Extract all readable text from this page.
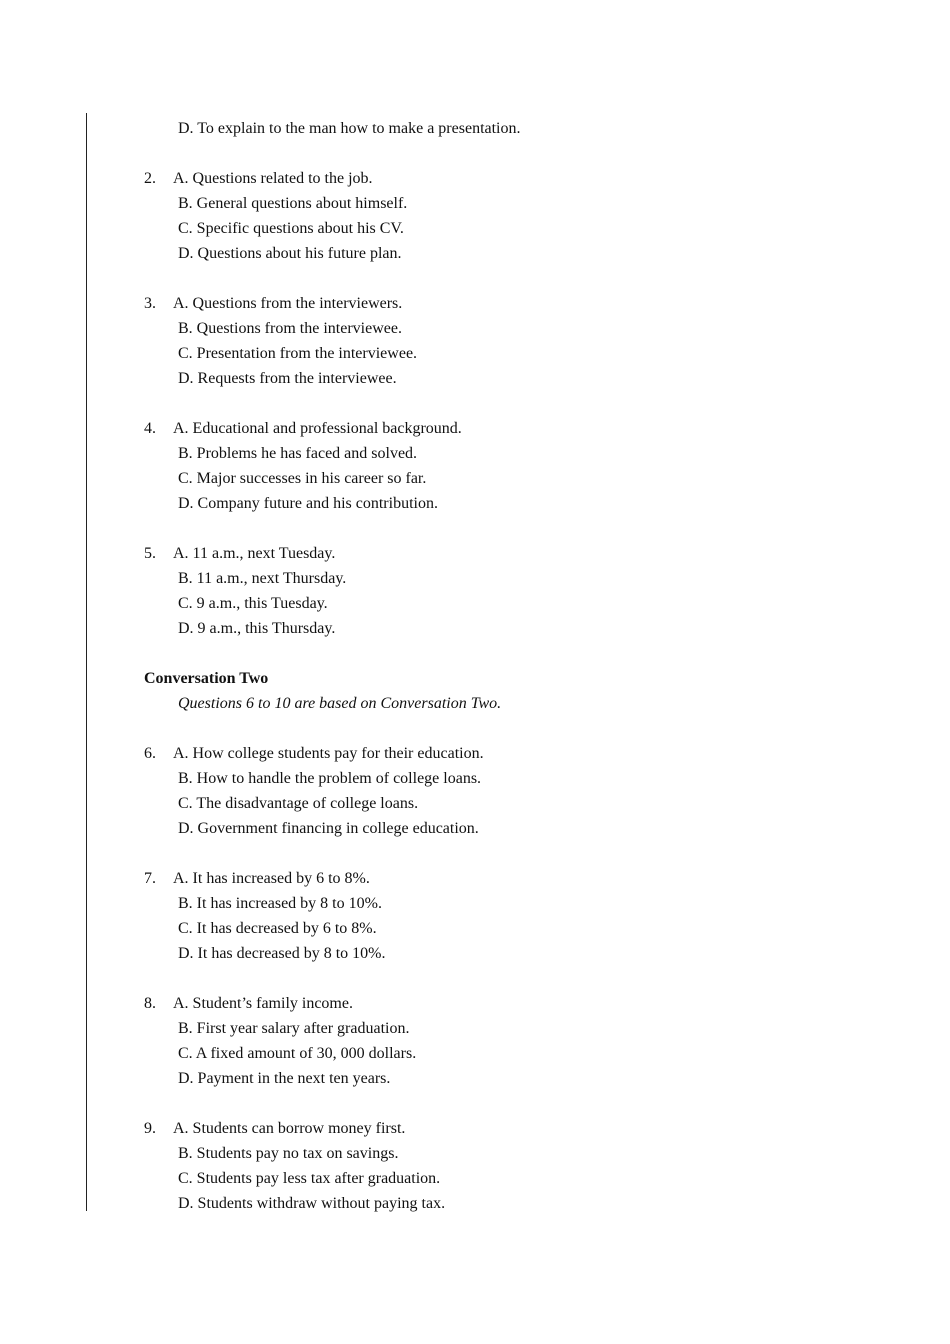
D. To explain to the man how to make a presentation.
2. A. Questions related to the job.
B. General questions about himself.
C. Specific questions about his CV.
D. Questions about his future plan.
3. A. Questions from the interviewers.
B. Questions from the interviewee.
C. Presentation from the interviewee.
D. Requests from the interviewee.
4. A. Educational and professional background.
B. Problems he has faced and solved.
C. Major successes in his career so far.
D. Company future and his contribution.
5. A. 11 a.m., next Tuesday.
B. 11 a.m., next Thursday.
C. 9 a.m., this Tuesday.
D. 9 a.m., this Thursday.
Conversation Two
Questions 6 to 10 are based on Conversation Two.
6. A. How college students pay for their education.
B. How to handle the problem of college loans.
C. The disadvantage of college loans.
D. Government financing in college education.
7. A. It has increased by 6 to 8%.
B. It has increased by 8 to 10%.
C. It has decreased by 6 to 8%.
D. It has decreased by 8 to 10%.
8. A. Student’s family income.
B. First year salary after graduation.
C. A fixed amount of 30, 000 dollars.
D. Payment in the next ten years.
9. A. Students can borrow money first.
B. Students pay no tax on savings.
C. Students pay less tax after graduation.
D. Students withdraw without paying tax.
